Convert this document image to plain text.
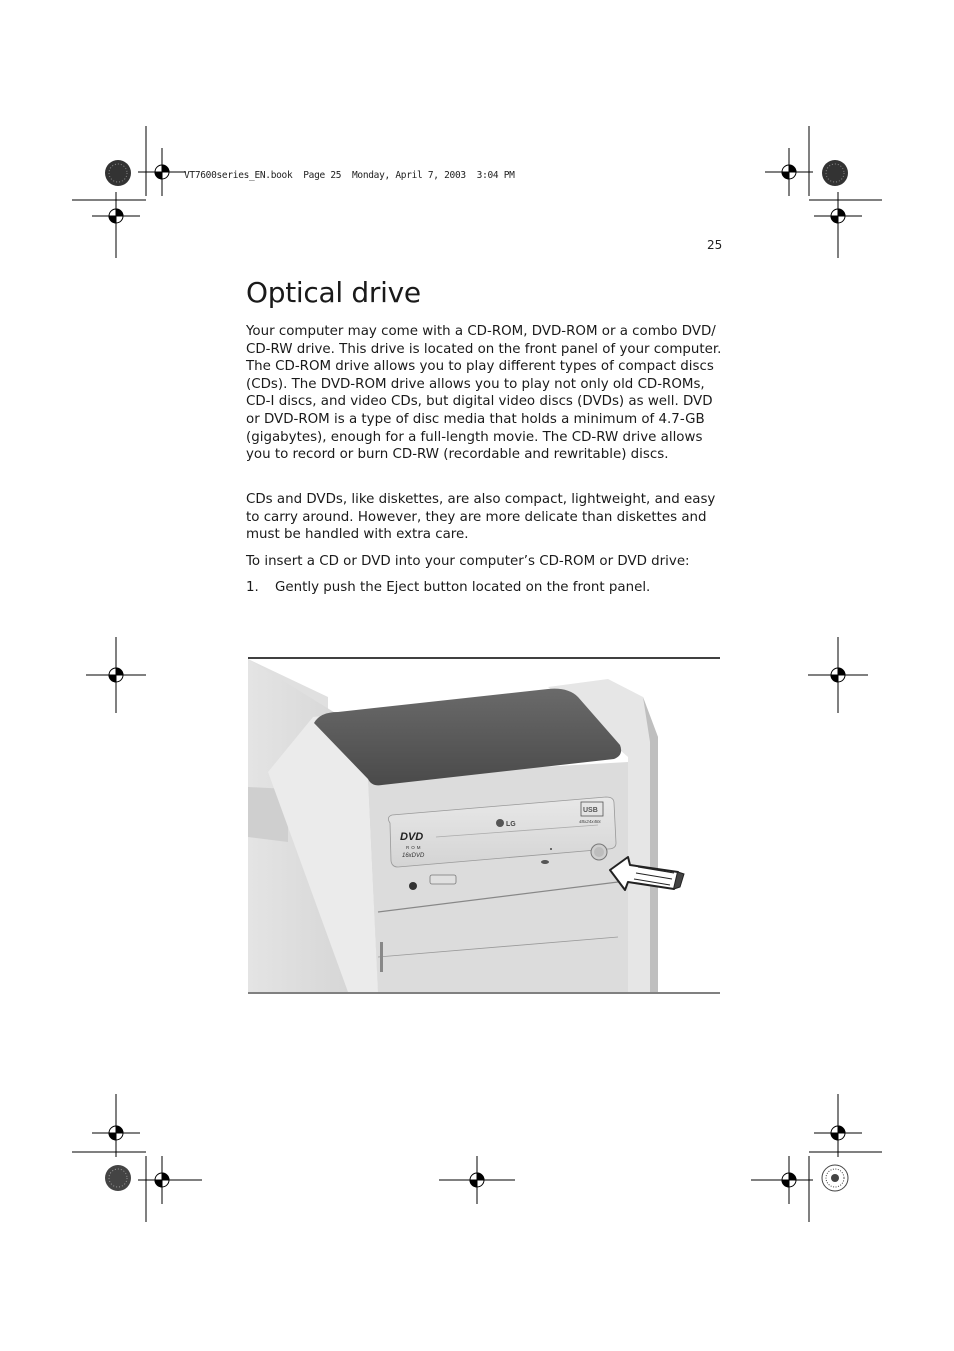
VT7600series_EN.book  Page 25  Monday, April 7, 2003  3:04 PM
25
Optical drive

Your computer may come with a CD-ROM, DVD-ROM or a combo DVD/ CD-RW drive. This drive is located on the front panel of your computer. The CD-ROM drive allows you to play different types of compact discs (CDs). The DVD-ROM drive allows you to play not only old CD-ROMs, CD-I discs, and video CDs, but digital video discs (DVDs) as well. DVD or DVD-ROM is a type of disc media that holds a minimum of 4.7-GB (gigabytes), enough for a full-length movie. The CD-RW drive allows you to record or burn CD-RW (recordable and rewritable) discs.

CDs and DVDs, like diskettes, are also compact, lightweight, and easy to carry around. However, they are more delicate than diskettes and must be handled with extra care.

To insert a CD or DVD into your computer’s CD-ROM or DVD drive:

1. Gently push the Eject button located on the front panel.
DVD
ROM
16xDVD
LG
USB
48x24x48x
